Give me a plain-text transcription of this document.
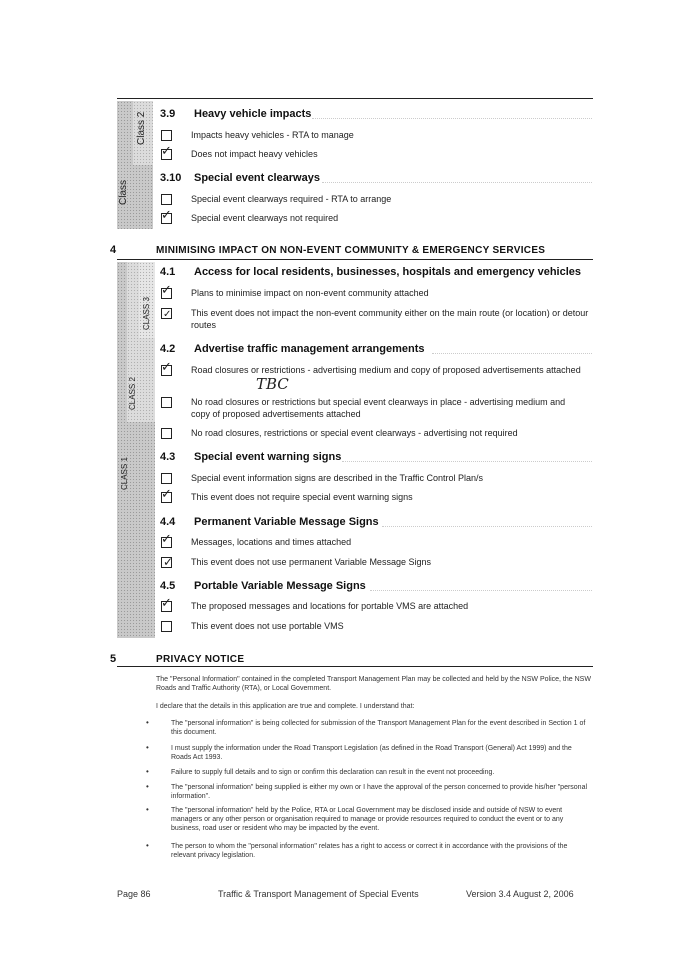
Class
Class 2 3.9 Heavy vehicle impacts
Impacts heavy vehicles - RTA to manage
✓ Does not impact heavy vehicles
3.10 Special event clearways
Special event clearways required - RTA to arrange
✓ Special event clearways not required
4	MINIMISING IMPACT ON NON-EVENT COMMUNITY & EMERGENCY SERVICES
CLASS 1
CLASS 2
CLASS 3
4.1 Access for local residents, businesses, hospitals and emergency vehicles
✓ Plans to minimise impact on non-event community attached
✓ This event does not impact the non-event community either on the main route (or location) or detour routes
4.2 Advertise traffic management arrangements
✓ Road closures or restrictions - advertising medium and copy of proposed advertisements attached
TBC
No road closures or restrictions but special event clearways in place - advertising medium and copy of proposed advertisements attached
No road closures, restrictions or special event clearways - advertising not required
4.3 Special event warning signs
Special event information signs are described in the Traffic Control Plan/s
✓ This event does not require special event warning signs
4.4 Permanent Variable Message Signs
✓ Messages, locations and times attached
✓ This event does not use permanent Variable Message Signs
4.5 Portable Variable Message Signs
✓ The proposed messages and locations for portable VMS are attached
This event does not use portable VMS
5	PRIVACY NOTICE
The "Personal Information" contained in the completed Transport Management Plan may be collected and held by the NSW Police, the NSW Roads and Traffic Authority (RTA), or Local Government.
I declare that the details in this application are true and complete. I understand that:
•	The "personal information" is being collected for submission of the Transport Management Plan for the event described in Section 1 of this document.
•	I must supply the information under the Road Transport Legislation (as defined in the Road Transport (General) Act 1999) and the Roads Act 1993.
•	Failure to supply full details and to sign or confirm this declaration can result in the event not proceeding.
•	The "personal information" being supplied is either my own or I have the approval of the person concerned to provide his/her "personal information".
•	The "personal information" held by the Police, RTA or Local Government may be disclosed inside and outside of NSW to event managers or any other person or organisation required to manage or provide resources required to conduct the event or to any business, road user or resident who may be impacted by the event.
•	The person to whom the "personal information" relates has a right to access or correct it in accordance with the provisions of the relevant privacy legislation.
Page 86	Traffic & Transport Management of Special Events	Version 3.4 August 2, 2006
